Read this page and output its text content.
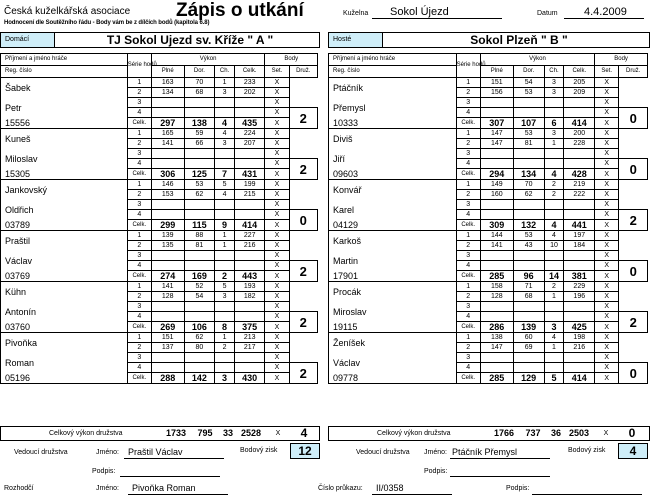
Česká kuželkářská asociace
Hodnocení dle Soutěžního řádu - Body vám be z dílčích bodů (kapitola 6.8)
Zápis o utkání	Kuželna	Sokol Újezd	Datum	4.4.2009
Domácí	TJ Sokol Ujezd sv. Kříže " A "	Hosté	Sokol Plzeň " B "
Příjmení a jméno hráče	Série hodů	Výkon				Body	
Reg. číslo		Plné	Dor.	Ch.	Celk.	Set.	Druž.
Šabek	1	163	70	1	233	X	
	2	134	68	3	202	X	
Petr	3					X	
	4					X	2
15556	Celk.	297	138	4	435	X	
Kuneš	1	165	59	4	224	X	
	2	141	66	3	207	X	
Miloslav	3					X	
	4					X	2
15305	Celk.	306	125	7	431	X	
Jankovský	1	146	53	5	199	X	
	2	153	62	4	215	X	
Oldřich	3					X	
	4					X	0
03789	Celk.	299	115	9	414	X	
Praštil	1	139	88	1	227	X	
	2	135	81	1	216	X	
Václav	3					X	
	4					X	2
03769	Celk.	274	169	2	443	X	
Kühn	1	141	52	5	193	X	
	2	128	54	3	182	X	
Antonín	3					X	
	4					X	2
03760	Celk.	269	106	8	375	X	
Pivoňka	1	151	62	1	213	X	
	2	137	80	2	217	X	
Roman	3					X	
	4					X	2
05196	Celk.	288	142	3	430	X	
Příjmení a jméno hráče	Série hodů	Výkon				Body	
Reg. číslo		Plné	Dor.	Ch.	Celk.	Set.	Druž.
Ptáčník	1	151	54	3	205	X	
	2	156	53	3	209	X	
Přemysl	3					X	
	4					X	0
10333	Celk.	307	107	6	414	X	
Diviš	1	147	53	3	200	X	
	2	147	81	1	228	X	
Jiří	3					X	
	4					X	0
09603	Celk.	294	134	4	428	X	
Konvář	1	149	70	2	219	X	
	2	160	62	2	222	X	
Karel	3					X	
	4					X	2
04129	Celk.	309	132	4	441	X	
Karkoš	1	144	53	4	197	X	
	2	141	43	10	184	X	
Martin	3					X	
	4					X	0
17901	Celk.	285	96	14	381	X	
Procák	1	158	71	2	229	X	
	2	128	68	1	196	X	
Miroslav	3					X	
	4					X	2
19115	Celk.	286	139	3	425	X	
Ženíšek	1	138	60	4	198	X	
	2	147	69	1	216	X	
Václav	3					X	
	4					X	0
09778	Celk.	285	129	5	414	X	
Celkový výkon družstva	1733	795	33 2528	X	4	Celkový výkon družstva	1766	737	36 2503	X	0
Vedoucí družstva	Jméno: Praštil Václav
Podpis:
Bodový zisk	12	Vedoucí družstva Jméno: Ptáčník Přemysl
Podpis:
Bodový zisk	4
Rozhodčí	Jméno: Pivoňka Roman	Číslo průkazu: II/0358	Podpis:
